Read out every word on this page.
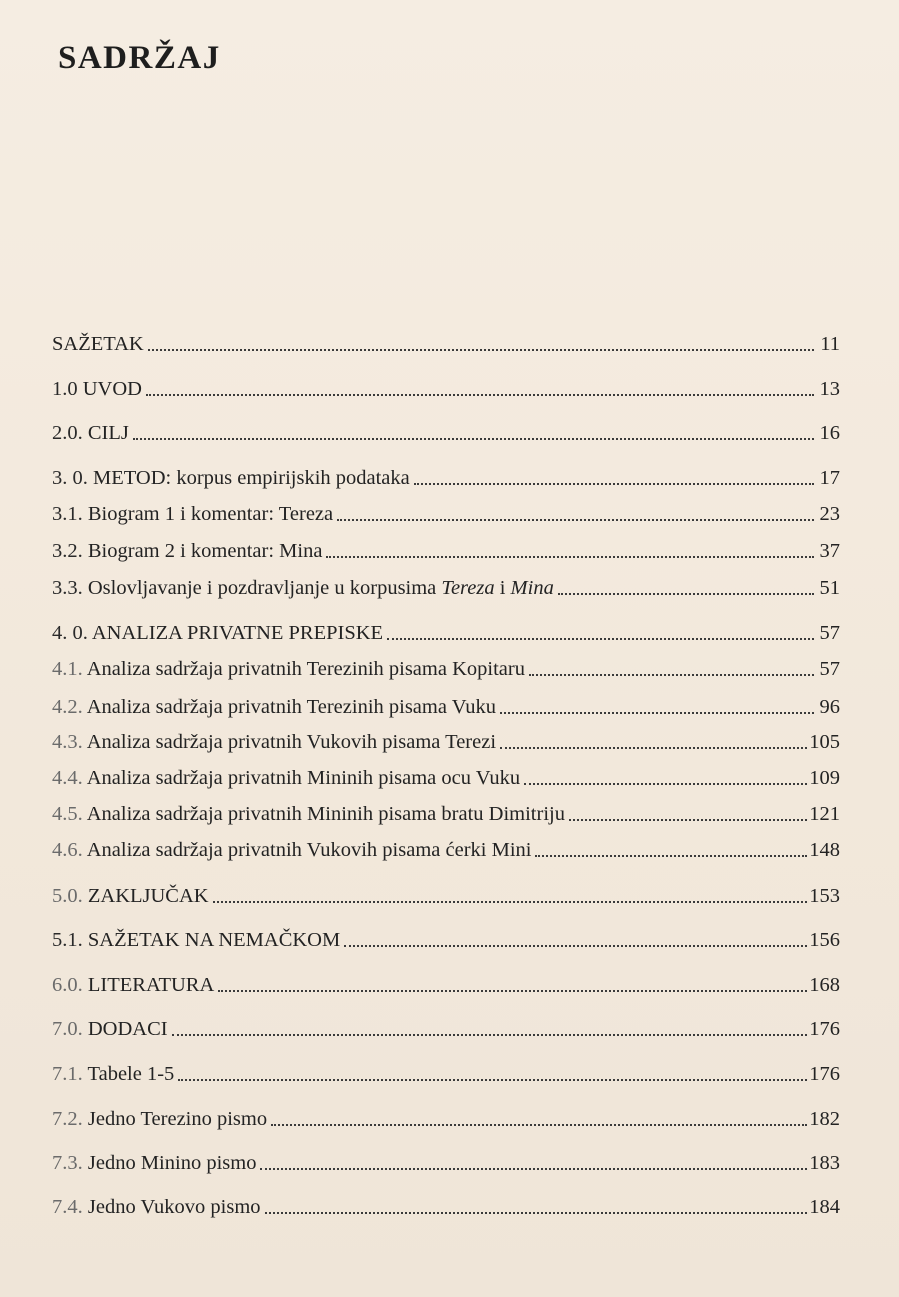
SADRŽAJ
SAŽETAK	11
1.0 UVOD	13
2.0. CILJ	16
3. 0. METOD: korpus empirijskih podataka	17
3.1. Biogram 1 i komentar: Tereza	23
3.2. Biogram 2 i komentar: Mina	37
3.3. Oslovljavanje i pozdravljanje u korpusima Tereza i Mina	51
4. 0. ANALIZA PRIVATNE PREPISKE	57
4.1. Analiza sadržaja privatnih Terezinih pisama Kopitaru	57
4.2. Analiza sadržaja privatnih Terezinih pisama Vuku	96
4.3. Analiza sadržaja privatnih Vukovih pisama Terezi	105
4.4. Analiza sadržaja privatnih Mininih pisama ocu Vuku	109
4.5. Analiza sadržaja privatnih Mininih pisama bratu Dimitriju	121
4.6. Analiza sadržaja privatnih Vukovih pisama ćerki Mini	148
5.0. ZAKLJUČAK	153
5.1. SAŽETAK NA NEMAČKOM	156
6.0. LITERATURA	168
7.0. DODACI	176
7.1. Tabele 1-5	176
7.2. Jedno Terezino pismo	182
7.3. Jedno Minino pismo	183
7.4. Jedno Vukovo pismo	184
